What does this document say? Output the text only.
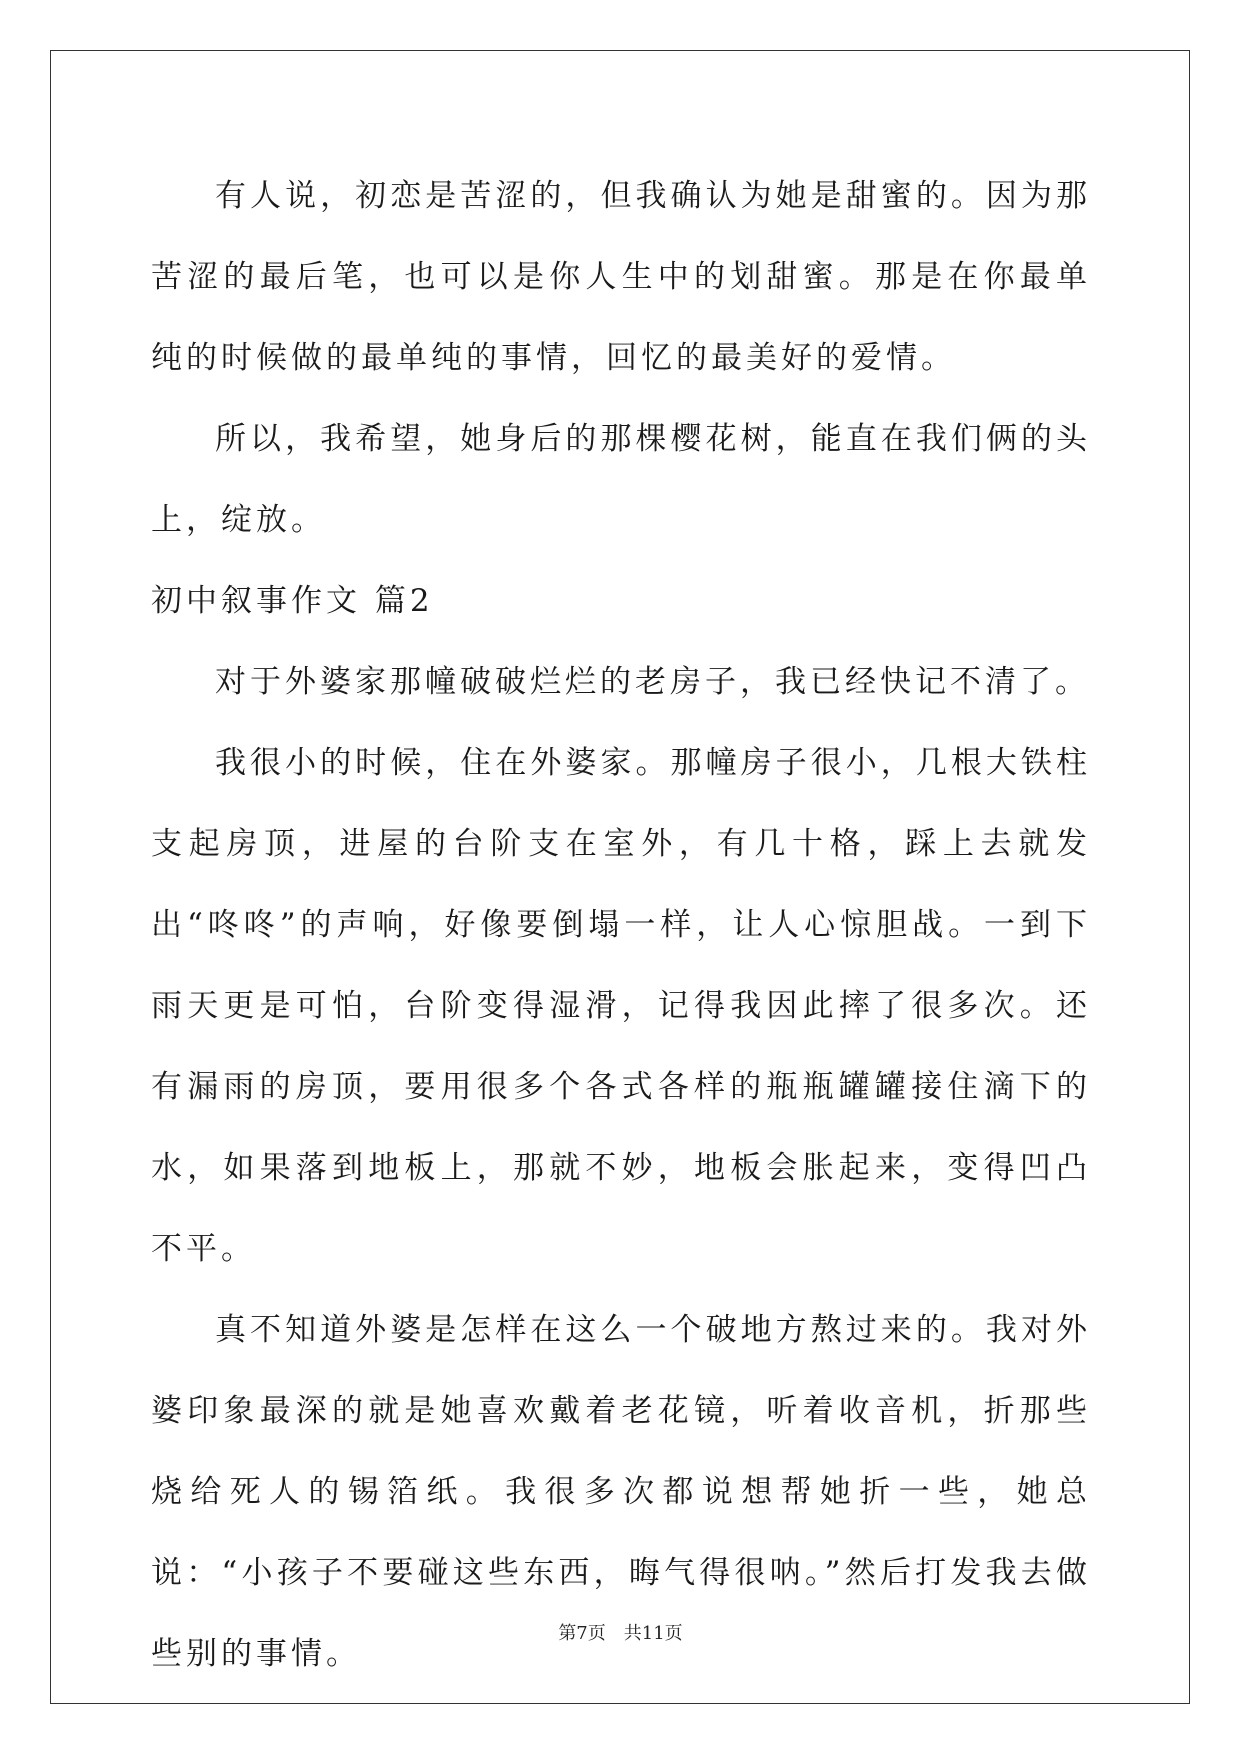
有人说，初恋是苦涩的，但我确认为她是甜蜜的。因为那苦涩的最后笔，也可以是你人生中的划甜蜜。那是在你最单纯的时候做的最单纯的事情，回忆的最美好的爱情。

所以，我希望，她身后的那棵樱花树，能直在我们俩的头上，绽放。

初中叙事作文 篇2

对于外婆家那幢破破烂烂的老房子，我已经快记不清了。

我很小的时候，住在外婆家。那幢房子很小，几根大铁柱支起房顶，进屋的台阶支在室外，有几十格，踩上去就发出“咚咚”的声响，好像要倒塌一样，让人心惊胆战。一到下雨天更是可怕，台阶变得湿滑，记得我因此摔了很多次。还有漏雨的房顶，要用很多个各式各样的瓶瓶罐罐接住滴下的水，如果落到地板上，那就不妙，地板会胀起来，变得凹凸不平。

真不知道外婆是怎样在这么一个破地方熬过来的。我对外婆印象最深的就是她喜欢戴着老花镜，听着收音机，折那些烧给死人的锡箔纸。我很多次都说想帮她折一些，她总说：“小孩子不要碰这些东西，晦气得很呐。”然后打发我去做些别的事情。

第7页　共11页
